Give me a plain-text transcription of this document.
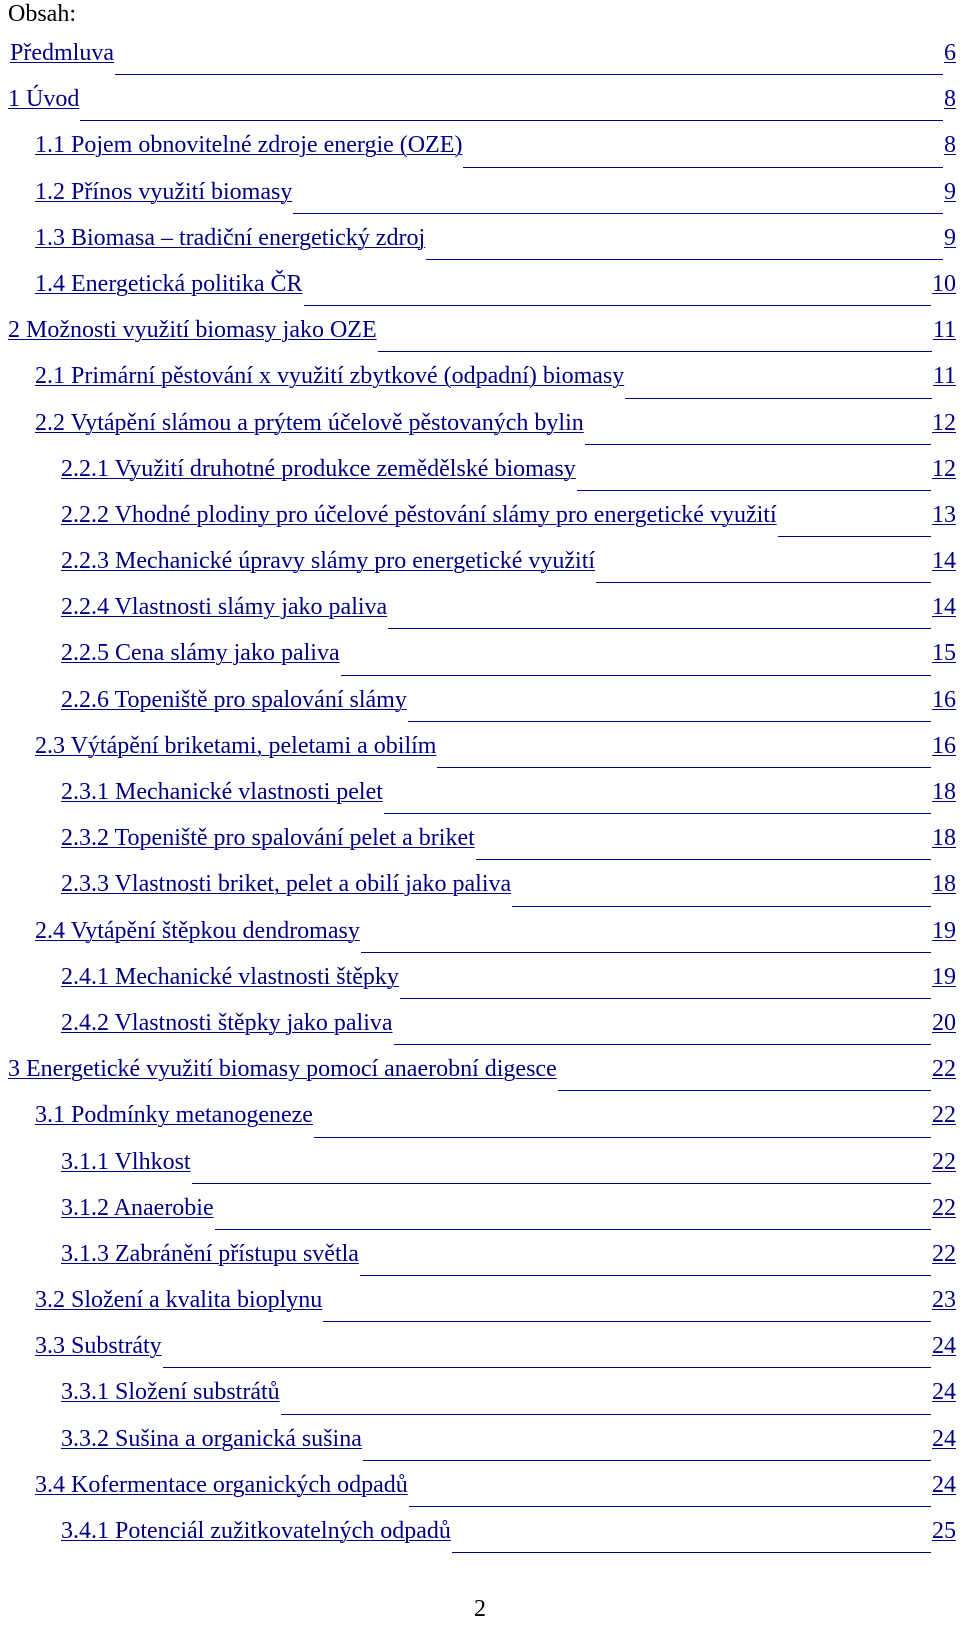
Obsah:
Předmluva	6
1 Úvod	8
1.1 Pojem obnovitelné zdroje energie (OZE)	8
1.2 Přínos využití biomasy	9
1.3 Biomasa – tradiční energetický zdroj	9
1.4 Energetická politika ČR	10
2 Možnosti využití biomasy jako OZE	11
2.1 Primární pěstování x využití zbytkové (odpadní) biomasy	11
2.2 Vytápění slámou a prýtem účelově pěstovaných bylin	12
2.2.1 Využití druhotné produkce zemědělské biomasy	12
2.2.2 Vhodné plodiny pro účelové pěstování slámy pro energetické využití	13
2.2.3 Mechanické úpravy slámy pro energetické využití	14
2.2.4 Vlastnosti slámy jako paliva	14
2.2.5 Cena slámy jako paliva	15
2.2.6 Topeniště pro spalování slámy	16
2.3 Výtápění briketami, peletami a obilím	16
2.3.1 Mechanické vlastnosti pelet	18
2.3.2 Topeniště pro spalování pelet a briket	18
2.3.3 Vlastnosti briket, pelet a obilí jako paliva	18
2.4 Vytápění štěpkou dendromasy	19
2.4.1 Mechanické vlastnosti štěpky	19
2.4.2 Vlastnosti štěpky jako paliva	20
3 Energetické využití biomasy pomocí anaerobní digesce	22
3.1 Podmínky metanogeneze	22
3.1.1 Vlhkost	22
3.1.2 Anaerobie	22
3.1.3 Zabránění přístupu světla	22
3.2 Složení a kvalita bioplynu	23
3.3 Substráty	24
3.3.1 Složení substrátů	24
3.3.2 Sušina a organická sušina	24
3.4 Kofermentace organických odpadů	24
3.4.1 Potenciál zužitkovatelných odpadů	25
2
